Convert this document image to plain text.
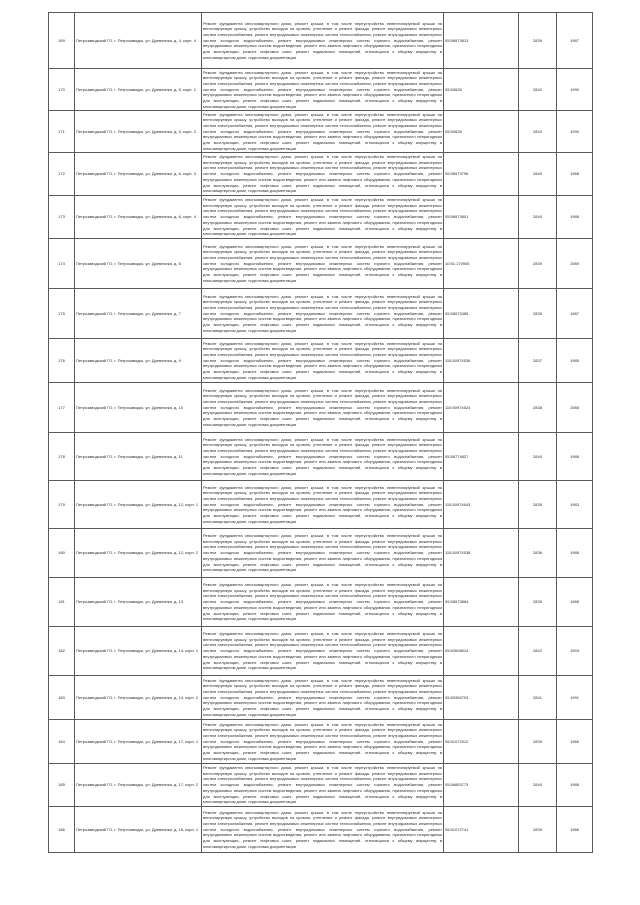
169	Петрозаводский ГО, г. Петрозаводск, ул. Древлянка, д. 4, корп. 4	Ремонт фундамента многоквартирного дома, ремонт крыши, в том числе переустройство невентилируемой крыши на вентилируемую крышу, устройство выходов на кровлю, утепление и ремонт фасада, ремонт внутридомовых инженерных систем электроснабжения, ремонт внутридомовых инженерных систем теплоснабжения, ремонт внутридомовых инженерных систем холодного водоснабжения, ремонт внутридомовых инженерных систем горячего водоснабжения, ремонт внутридомовых инженерных систем водоотведения, ремонт или замена лифтового оборудования, признанного непригодным для эксплуатации, ремонт лифтовых шахт, ремонт подвальных помещений, относящихся к общему имуществу в многоквартирном доме, подготовка документации	05:58973813	2839	1987
170	Петрозаводский ГО, г. Петрозаводск, ул. Древлянка, д. 5, корп. 1	Ремонт фундамента многоквартирного дома, ремонт крыши, в том числе переустройство невентилируемой крыши на вентилируемую крышу, устройство выходов на кровлю, утепление и ремонт фасада, ремонт внутридомовых инженерных систем электроснабжения, ремонт внутридомовых инженерных систем теплоснабжения, ремонт внутридомовых инженерных систем холодного водоснабжения, ремонт внутридомовых инженерных систем горячего водоснабжения, ремонт внутридомовых инженерных систем водоотведения, ремонт или замена лифтового оборудования, признанного непригодным для эксплуатации, ремонт лифтовых шахт, ремонт подвальных помещений, относящихся к общему имуществу в многоквартирном доме, подготовка документации	05:50628	2842	1990
171	Петрозаводский ГО, г. Петрозаводск, ул. Древлянка, д. 5, корп. 2	Ремонт фундамента многоквартирного дома, ремонт крыши, в том числе переустройство невентилируемой крыши на вентилируемую крышу, устройство выходов на кровлю, утепление и ремонт фасада, ремонт внутридомовых инженерных систем электроснабжения, ремонт внутридомовых инженерных систем теплоснабжения, ремонт внутридомовых инженерных систем холодного водоснабжения, ремонт внутридомовых инженерных систем горячего водоснабжения, ремонт внутридомовых инженерных систем водоотведения, ремонт или замена лифтового оборудования, признанного непригодным для эксплуатации, ремонт лифтовых шахт, ремонт подвальных помещений, относящихся к общему имуществу в многоквартирном доме, подготовка документации	05:50628	2842	1990
172	Петрозаводский ГО, г. Петрозаводск, ул. Древлянка, д. 6, корп. 3	Ремонт фундамента многоквартирного дома, ремонт крыши, в том числе переустройство невентилируемой крыши на вентилируемую крышу, устройство выходов на кровлю, утепление и ремонт фасада, ремонт внутридомовых инженерных систем электроснабжения, ремонт внутридомовых инженерных систем теплоснабжения, ремонт внутридомовых инженерных систем холодного водоснабжения, ремонт внутридомовых инженерных систем горячего водоснабжения, ремонт внутридомовых инженерных систем водоотведения, ремонт или замена лифтового оборудования, признанного непригодным для эксплуатации, ремонт лифтовых шахт, ремонт подвальных помещений, относящихся к общему имуществу в многоквартирном доме, подготовка документации	05:58973796	2840	1988
173	Петрозаводский ГО, г. Петрозаводск, ул. Древлянка, д. 6, корп. 4	Ремонт фундамента многоквартирного дома, ремонт крыши, в том числе переустройство невентилируемой крыши на вентилируемую крышу, устройство выходов на кровлю, утепление и ремонт фасада, ремонт внутридомовых инженерных систем электроснабжения, ремонт внутридомовых инженерных систем теплоснабжения, ремонт внутридомовых инженерных систем холодного водоснабжения, ремонт внутридомовых инженерных систем горячего водоснабжения, ремонт внутридомовых инженерных систем водоотведения, ремонт или замена лифтового оборудования, признанного непригодным для эксплуатации, ремонт лифтовых шахт, ремонт подвальных помещений, относящихся к общему имуществу в многоквартирном доме, подготовка документации	05:58973801	2840	1988
174	Петрозаводский ГО, г. Петрозаводск, ул. Древлянка, д. 6	Ремонт фундамента многоквартирного дома, ремонт крыши, в том числе переустройство невентилируемой крыши на вентилируемую крышу, устройство выходов на кровлю, утепление и ремонт фасада, ремонт внутридомовых инженерных систем электроснабжения, ремонт внутридомовых инженерных систем теплоснабжения, ремонт внутридомовых инженерных систем холодного водоснабжения, ремонт внутридомовых инженерных систем горячего водоснабжения, ремонт внутридомовых инженерных систем водоотведения, ремонт или замена лифтового оборудования, признанного непригодным для эксплуатации, ремонт лифтовых шахт, ремонт подвальных помещений, относящихся к общему имуществу в многоквартирном доме, подготовка документации	10:51:170905	2839	1989
175	Петрозаводский ГО, г. Петрозаводск, ул. Древлянка, д. 7	Ремонт фундамента многоквартирного дома, ремонт крыши, в том числе переустройство невентилируемой крыши на вентилируемую крышу, устройство выходов на кровлю, утепление и ремонт фасада, ремонт внутридомовых инженерных систем электроснабжения, ремонт внутридомовых инженерных систем теплоснабжения, ремонт внутридомовых инженерных систем холодного водоснабжения, ремонт внутридомовых инженерных систем горячего водоснабжения, ремонт внутридомовых инженерных систем водоотведения, ремонт или замена лифтового оборудования, признанного непригодным для эксплуатации, ремонт лифтовых шахт, ремонт подвальных помещений, относящихся к общему имуществу в многоквартирном доме, подготовка документации	05:58973485	2839	1987
176	Петрозаводский ГО, г. Петрозаводск, ул. Древлянка, д. 9	Ремонт фундамента многоквартирного дома, ремонт крыши, в том числе переустройство невентилируемой крыши на вентилируемую крышу, устройство выходов на кровлю, утепление и ремонт фасада, ремонт внутридомовых инженерных систем электроснабжения, ремонт внутридомовых инженерных систем теплоснабжения, ремонт внутридомовых инженерных систем холодного водоснабжения, ремонт внутридомовых инженерных систем горячего водоснабжения, ремонт внутридомовых инженерных систем водоотведения, ремонт или замена лифтового оборудования, признанного непригодным для эксплуатации, ремонт лифтовых шахт, ремонт подвальных помещений, относящихся к общему имуществу в многоквартирном доме, подготовка документации	115:50974536	2837	1985
177	Петрозаводский ГО, г. Петрозаводск, ул. Древлянка, д. 10	Ремонт фундамента многоквартирного дома, ремонт крыши, в том числе переустройство невентилируемой крыши на вентилируемую крышу, устройство выходов на кровлю, утепление и ремонт фасада, ремонт внутридомовых инженерных систем электроснабжения, ремонт внутридомовых инженерных систем теплоснабжения, ремонт внутридомовых инженерных систем холодного водоснабжения, ремонт внутридомовых инженерных систем горячего водоснабжения, ремонт внутридомовых инженерных систем водоотведения, ремонт или замена лифтового оборудования, признанного непригодным для эксплуатации, ремонт лифтовых шахт, ремонт подвальных помещений, относящихся к общему имуществу в многоквартирном доме, подготовка документации	115:50974524	2838	1988
178	Петрозаводский ГО, г. Петрозаводск, ул. Древлянка, д. 11	Ремонт фундамента многоквартирного дома, ремонт крыши, в том числе переустройство невентилируемой крыши на вентилируемую крышу, устройство выходов на кровлю, утепление и ремонт фасада, ремонт внутридомовых инженерных систем электроснабжения, ремонт внутридомовых инженерных систем теплоснабжения, ремонт внутридомовых инженерных систем холодного водоснабжения, ремонт внутридомовых инженерных систем горячего водоснабжения, ремонт внутридомовых инженерных систем водоотведения, ремонт или замена лифтового оборудования, признанного непригодным для эксплуатации, ремонт лифтовых шахт, ремонт подвальных помещений, относящихся к общему имуществу в многоквартирном доме, подготовка документации	05:58774827	2840	1988
179	Петрозаводский ГО, г. Петрозаводск, ул. Древлянка, д. 12, корп. 1	Ремонт фундамента многоквартирного дома, ремонт крыши, в том числе переустройство невентилируемой крыши на вентилируемую крышу, устройство выходов на кровлю, утепление и ремонт фасада, ремонт внутридомовых инженерных систем электроснабжения, ремонт внутридомовых инженерных систем теплоснабжения, ремонт внутридомовых инженерных систем холодного водоснабжения, ремонт внутридомовых инженерных систем горячего водоснабжения, ремонт внутридомовых инженерных систем водоотведения, ремонт или замена лифтового оборудования, признанного непригодным для эксплуатации, ремонт лифтовых шахт, ремонт подвальных помещений, относящихся к общему имуществу в многоквартирном доме, подготовка документации	115:50974643	2835	1983
180	Петрозаводский ГО, г. Петрозаводск, ул. Древлянка, д. 12, корп. 2	Ремонт фундамента многоквартирного дома, ремонт крыши, в том числе переустройство невентилируемой крыши на вентилируемую крышу, устройство выходов на кровлю, утепление и ремонт фасада, ремонт внутридомовых инженерных систем электроснабжения, ремонт внутридомовых инженерных систем теплоснабжения, ремонт внутридомовых инженерных систем холодного водоснабжения, ремонт внутридомовых инженерных систем горячего водоснабжения, ремонт внутридомовых инженерных систем водоотведения, ремонт или замена лифтового оборудования, признанного непригодным для эксплуатации, ремонт лифтовых шахт, ремонт подвальных помещений, относящихся к общему имуществу в многоквартирном доме, подготовка документации	115:50974538	2836	1988
181	Петрозаводский ГО, г. Петрозаводск, ул. Древлянка, д. 13	Ремонт фундамента многоквартирного дома, ремонт крыши, в том числе переустройство невентилируемой крыши на вентилируемую крышу, устройство выходов на кровлю, утепление и ремонт фасада, ремонт внутридомовых инженерных систем электроснабжения, ремонт внутридомовых инженерных систем теплоснабжения, ремонт внутридомовых инженерных систем холодного водоснабжения, ремонт внутридомовых инженерных систем горячего водоснабжения, ремонт внутридомовых инженерных систем водоотведения, ремонт или замена лифтового оборудования, признанного непригодным для эксплуатации, ремонт лифтовых шахт, ремонт подвальных помещений, относящихся к общему имуществу в многоквартирном доме, подготовка документации	05:58973884	2839	1988
182	Петрозаводский ГО, г. Петрозаводск, ул. Древлянка, д. 14, корп. 1	Ремонт фундамента многоквартирного дома, ремонт крыши, в том числе переустройство невентилируемой крыши на вентилируемую крышу, устройство выходов на кровлю, утепление и ремонт фасада, ремонт внутридомовых инженерных систем электроснабжения, ремонт внутридомовых инженерных систем теплоснабжения, ремонт внутридомовых инженерных систем холодного водоснабжения, ремонт внутридомовых инженерных систем горячего водоснабжения, ремонт внутридомовых инженерных систем водоотведения, ремонт или замена лифтового оборудования, признанного непригодным для эксплуатации, ремонт лифтовых шахт, ремонт подвальных помещений, относящихся к общему имуществу в многоквартирном доме, подготовка документации	05:52608514	2842	1994
183	Петрозаводский ГО, г. Петрозаводск, ул. Древлянка, д. 14, корп. 2	Ремонт фундамента многоквартирного дома, ремонт крыши, в том числе переустройство невентилируемой крыши на вентилируемую крышу, устройство выходов на кровлю, утепление и ремонт фасада, ремонт внутридомовых инженерных систем электроснабжения, ремонт внутридомовых инженерных систем теплоснабжения, ремонт внутридомовых инженерных систем холодного водоснабжения, ремонт внутридомовых инженерных систем горячего водоснабжения, ремонт внутридомовых инженерных систем водоотведения, ремонт или замена лифтового оборудования, признанного непригодным для эксплуатации, ремонт лифтовых шахт, ремонт подвальных помещений, относящихся к общему имуществу в многоквартирном доме, подготовка документации	05:59359703	2841	1991
184	Петрозаводский ГО, г. Петрозаводск, ул. Древлянка, д. 17, корп. 1	Ремонт фундамента многоквартирного дома, ремонт крыши, в том числе переустройство невентилируемой крыши на вентилируемую крышу, устройство выходов на кровлю, утепление и ремонт фасада, ремонт внутридомовых инженерных систем электроснабжения, ремонт внутридомовых инженерных систем теплоснабжения, ремонт внутридомовых инженерных систем холодного водоснабжения, ремонт внутридомовых инженерных систем горячего водоснабжения, ремонт внутридомовых инженерных систем водоотведения, ремонт или замена лифтового оборудования, признанного непригодным для эксплуатации, ремонт лифтовых шахт, ремонт подвальных помещений, относящихся к общему имуществу в многоквартирном доме, подготовка документации	05:51072912	2839	1985
185	Петрозаводский ГО, г. Петрозаводск, ул. Древлянка, д. 17, корп. 2	Ремонт фундамента многоквартирного дома, ремонт крыши, в том числе переустройство невентилируемой крыши на вентилируемую крышу, устройство выходов на кровлю, утепление и ремонт фасада, ремонт внутридомовых инженерных систем электроснабжения, ремонт внутридомовых инженерных систем теплоснабжения, ремонт внутридомовых инженерных систем холодного водоснабжения, ремонт внутридомовых инженерных систем горячего водоснабжения, ремонт внутридомовых инженерных систем водоотведения, ремонт или замена лифтового оборудования, признанного непригодным для эксплуатации, ремонт лифтовых шахт, ремонт подвальных помещений, относящихся к общему имуществу в многоквартирном доме, подготовка документации	05:56853773	2840	1988
186	Петрозаводский ГО, г. Петрозаводск, ул. Древлянка, д. 18, корп. 1	Ремонт фундамента многоквартирного дома, ремонт крыши, в том числе переустройство невентилируемой крыши на вентилируемую крышу, устройство выходов на кровлю, утепление и ремонт фасада, ремонт внутридомовых инженерных систем электроснабжения, ремонт внутридомовых инженерных систем теплоснабжения, ремонт внутридомовых инженерных систем холодного водоснабжения, ремонт внутридомовых инженерных систем горячего водоснабжения, ремонт внутридомовых инженерных систем водоотведения, ремонт или замена лифтового оборудования, признанного непригодным для эксплуатации, ремонт лифтовых шахт, ремонт подвальных помещений, относящихся к общему имуществу в многоквартирном доме, подготовка документации	05:51072741	2839	1986
